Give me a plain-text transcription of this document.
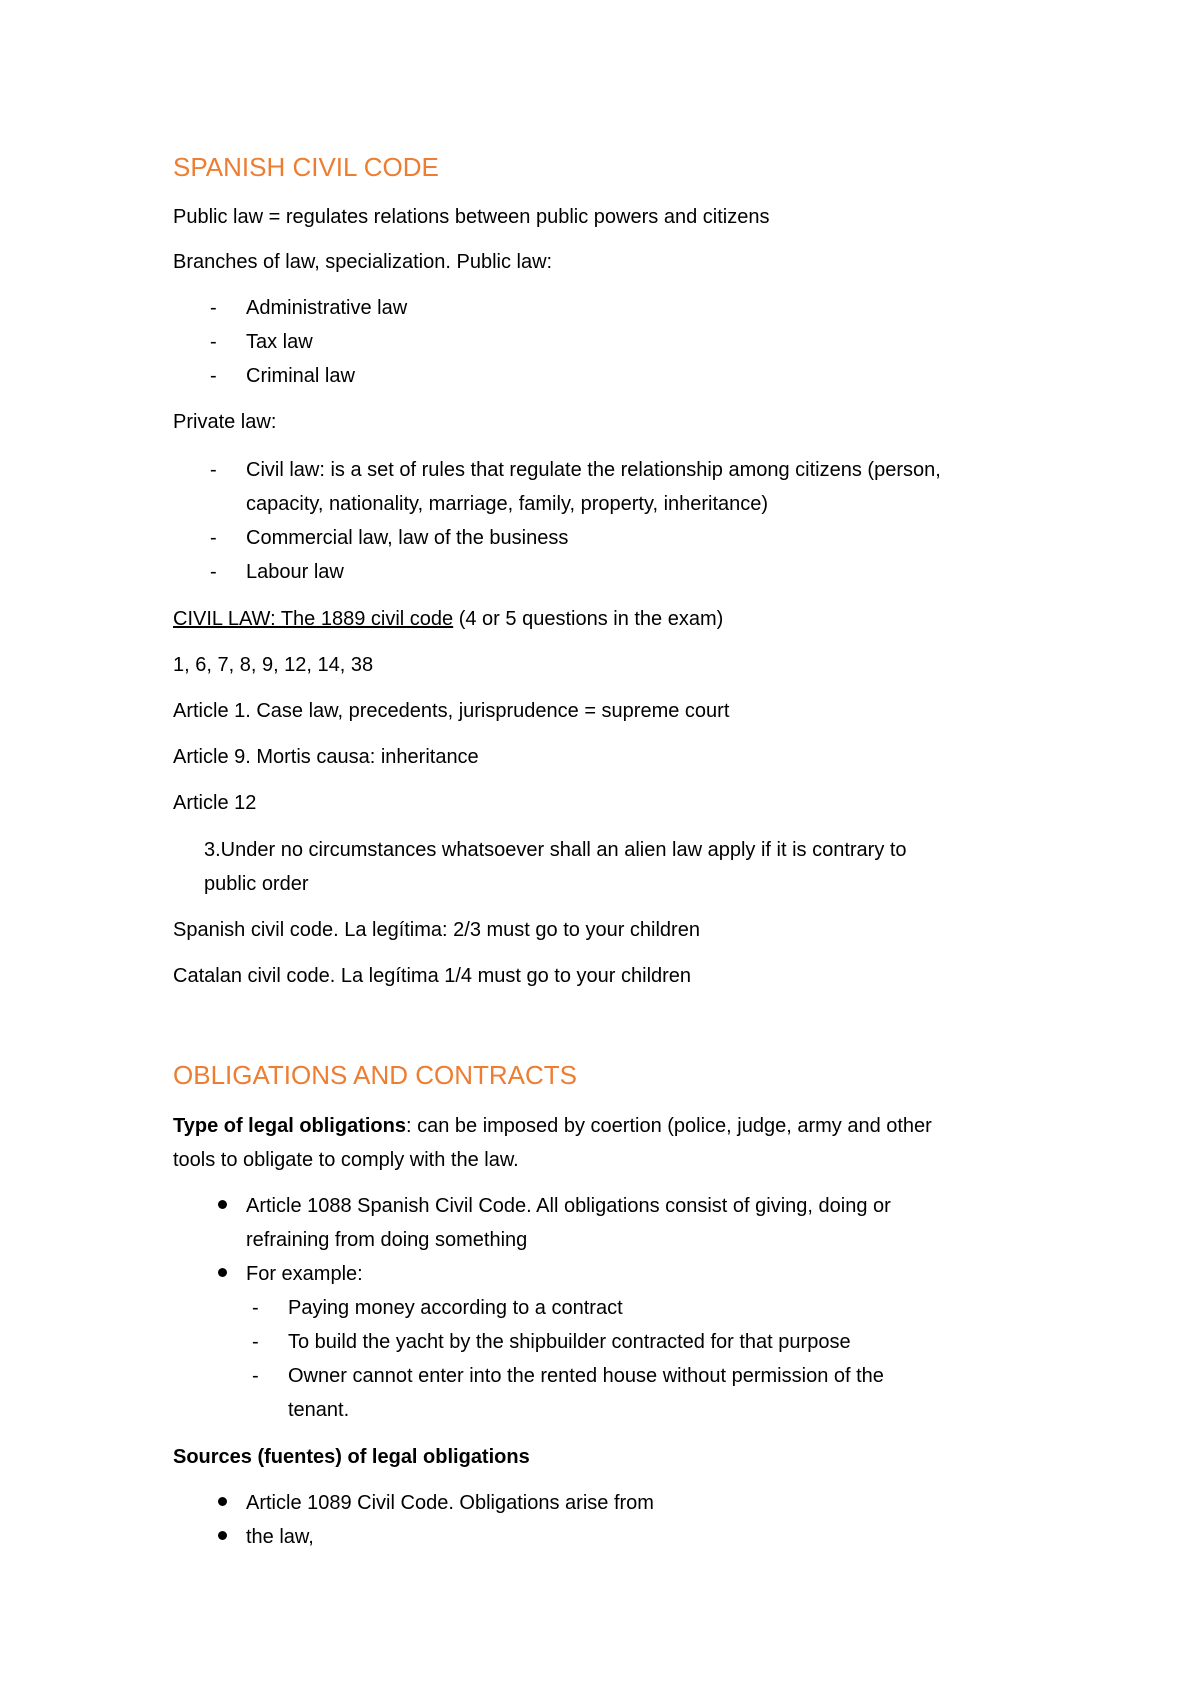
SPANISH CIVIL CODE
Public law = regulates relations between public powers and citizens
Branches of law, specialization. Public law:
- Administrative law
- Tax law
- Criminal law
Private law:
- Civil law: is a set of rules that regulate the relationship among citizens (person,
capacity, nationality, marriage, family, property, inheritance)
- Commercial law, law of the business
- Labour law
CIVIL LAW: The 1889 civil code (4 or 5 questions in the exam)
1, 6, 7, 8, 9, 12, 14, 38
Article 1. Case law, precedents, jurisprudence = supreme court
Article 9. Mortis causa: inheritance
Article 12
3.Under no circumstances whatsoever shall an alien law apply if it is contrary to
public order
Spanish civil code. La legítima: 2/3 must go to your children
Catalan civil code. La legítima 1/4 must go to your children
OBLIGATIONS AND CONTRACTS
Type of legal obligations: can be imposed by coertion (police, judge, army and other
tools to obligate to comply with the law.
Article 1088 Spanish Civil Code. All obligations consist of giving, doing or
refraining from doing something
For example:
- Paying money according to a contract
- To build the yacht by the shipbuilder contracted for that purpose
- Owner cannot enter into the rented house without permission of the
tenant.
Sources (fuentes) of legal obligations
Article 1089 Civil Code. Obligations arise from
the law,
